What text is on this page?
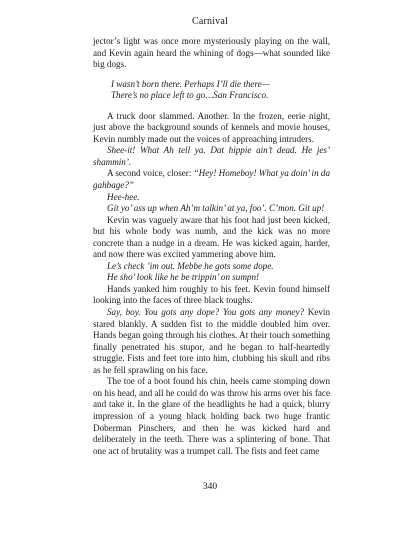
Carnival

jector’s light was once more mysteriously playing on the wall, and Kevin again heard the whining of dogs—what sounded like big dogs.

I wasn’t born there. Perhaps I’ll die there—
There’s no place left to go…San Francisco.

A truck door slammed. Another. In the frozen, eerie night, just above the background sounds of kennels and movie houses, Kevin numbly made out the voices of approaching intruders.

Shee-it! What Ah tell ya. Dat hippie ain’t dead. He jes’ shammin’.

A second voice, closer: “Hey! Homeboy! What ya doin’ in da gahbage?”

Hee-hee.

Git yo’ ass up when Ah’m talkin’ at ya, foo’. C’mon. Git up!

Kevin was vaguely aware that his foot had just been kicked, but his whole body was numb, and the kick was no more concrete than a nudge in a dream. He was kicked again, harder, and now there was excited yammering above him.

Le’s check ’im out. Mebbe he gots some dope.

He sho’ look like he be trippin’ on sumpn!

Hands yanked him roughly to his feet. Kevin found himself looking into the faces of three black toughs.

Say, boy. You gots any dope? You gots any money? Kevin stared blankly. A sudden fist to the middle doubled him over. Hands began going through his clothes. At their touch something finally penetrated his stupor, and he began to half-heartedly struggle. Fists and feet tore into him, clubbing his skull and ribs as he fell sprawling on his face.

The toe of a boot found his chin, heels came stomping down on his head, and all he could do was throw his arms over his face and take it. In the glare of the headlights he had a quick, blurry impression of a young black holding back two huge frantic Doberman Pinschers, and then he was kicked hard and deliberately in the teeth. There was a splintering of bone. That one act of brutality was a trumpet call. The fists and feet came

340
